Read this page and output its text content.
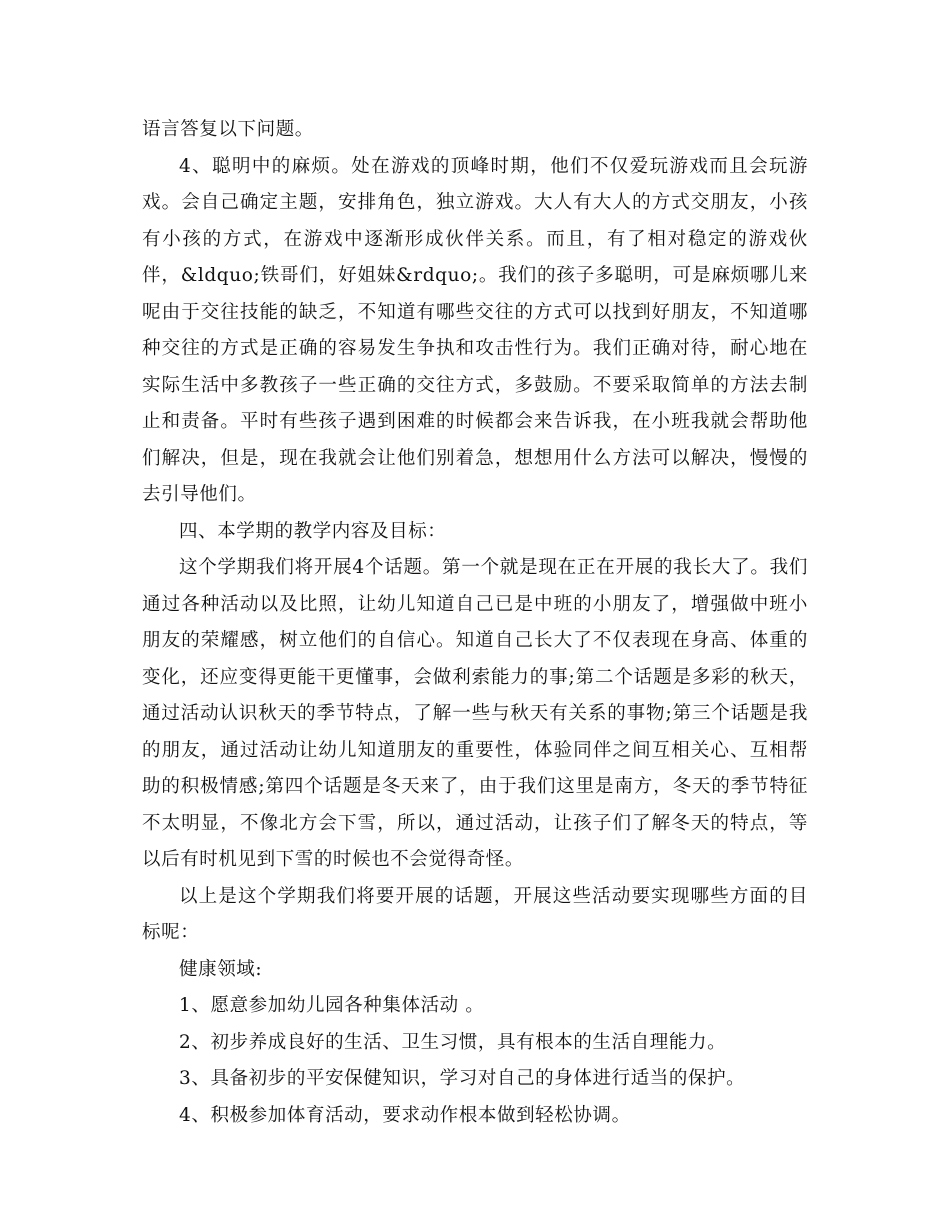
语言答复以下问题。

4、聪明中的麻烦。处在游戏的顶峰时期，他们不仅爱玩游戏而且会玩游戏。会自己确定主题，安排角色，独立游戏。大人有大人的方式交朋友，小孩有小孩的方式，在游戏中逐渐形成伙伴关系。而且，有了相对稳定的游戏伙伴，&ldquo;铁哥们，好姐妹&rdquo;。我们的孩子多聪明，可是麻烦哪儿来呢由于交往技能的缺乏，不知道有哪些交往的方式可以找到好朋友，不知道哪种交往的方式是正确的容易发生争执和攻击性行为。我们正确对待，耐心地在实际生活中多教孩子一些正确的交往方式，多鼓励。不要采取简单的方法去制止和责备。平时有些孩子遇到困难的时候都会来告诉我，在小班我就会帮助他们解决，但是，现在我就会让他们别着急，想想用什么方法可以解决，慢慢的去引导他们。

四、本学期的教学内容及目标：

这个学期我们将开展4个话题。第一个就是现在正在开展的我长大了。我们通过各种活动以及比照，让幼儿知道自己已是中班的小朋友了，增强做中班小朋友的荣耀感，树立他们的自信心。知道自己长大了不仅表现在身高、体重的变化，还应变得更能干更懂事，会做利索能力的事;第二个话题是多彩的秋天，通过活动认识秋天的季节特点，了解一些与秋天有关系的事物;第三个话题是我的朋友，通过活动让幼儿知道朋友的重要性，体验同伴之间互相关心、互相帮助的积极情感;第四个话题是冬天来了，由于我们这里是南方，冬天的季节特征不太明显，不像北方会下雪，所以，通过活动，让孩子们了解冬天的特点，等以后有时机见到下雪的时候也不会觉得奇怪。

以上是这个学期我们将要开展的话题，开展这些活动要实现哪些方面的目标呢：

健康领域:

1、愿意参加幼儿园各种集体活动 。

2、初步养成良好的生活、卫生习惯，具有根本的生活自理能力。

3、具备初步的平安保健知识，学习对自己的身体进行适当的保护。

4、积极参加体育活动，要求动作根本做到轻松协调。
